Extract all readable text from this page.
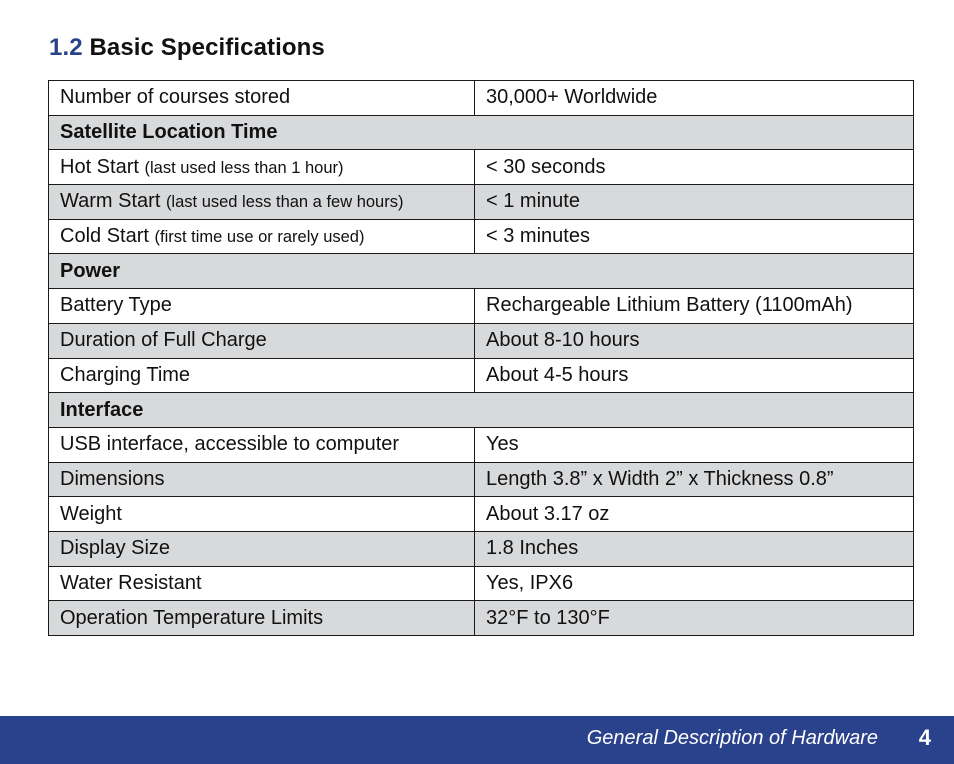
1.2 Basic Specifications
Number of courses stored	30,000+ Worldwide
Satellite Location Time	
Hot Start (last used less than 1 hour)	< 30 seconds
Warm Start (last used less than a few hours)	< 1 minute
Cold Start (first time use or rarely used)	< 3 minutes
Power	
Battery Type	Rechargeable Lithium Battery (1100mAh)
Duration of Full Charge	About 8-10 hours
Charging Time	About 4-5 hours
Interface	
USB interface, accessible to computer	Yes
Dimensions	Length 3.8” x Width 2” x Thickness 0.8”
Weight	About 3.17 oz
Display Size	1.8 Inches
Water Resistant	Yes, IPX6
Operation Temperature Limits	32°F to 130°F
General Description of Hardware 4
